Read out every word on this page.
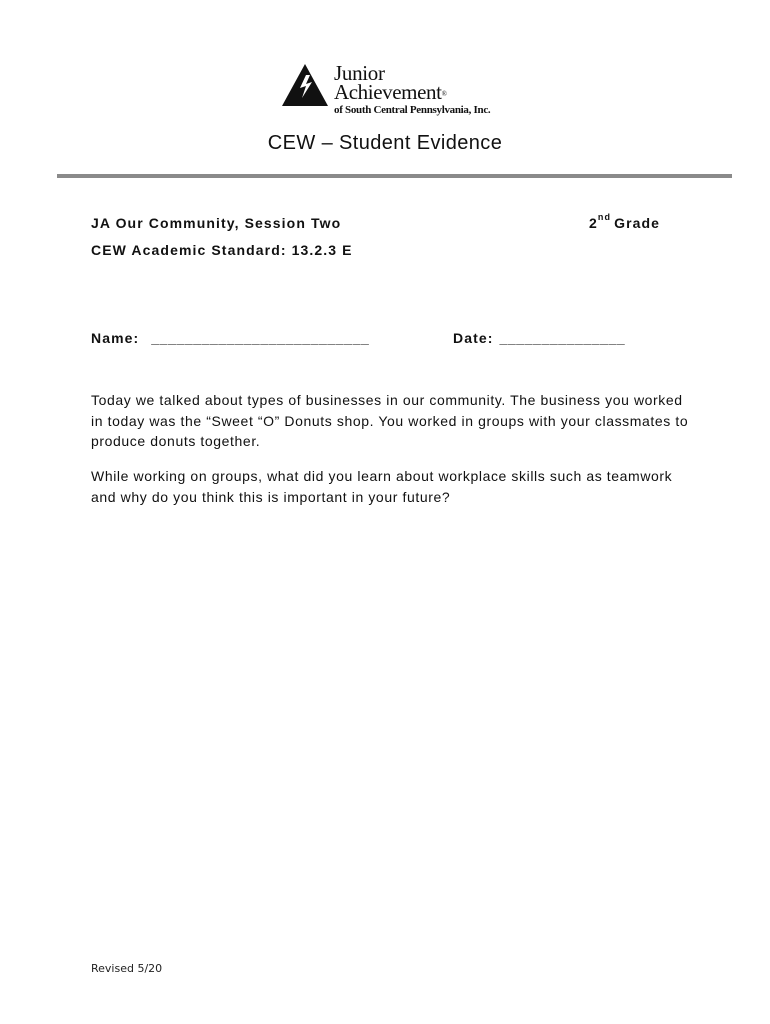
Junior
Achievement®
of South Central Pennsylvania, Inc.
CEW – Student Evidence
JA Our Community, Session Two	2nd Grade
CEW Academic Standard: 13.2.3 E
Name: __________________________	Date: _______________

Today we talked about types of businesses in our community. The business you worked in today was the “Sweet “O” Donuts shop. You worked in groups with your classmates to produce donuts together.

While working on groups, what did you learn about workplace skills such as teamwork and why do you think this is important in your future?

Revised 5/20
